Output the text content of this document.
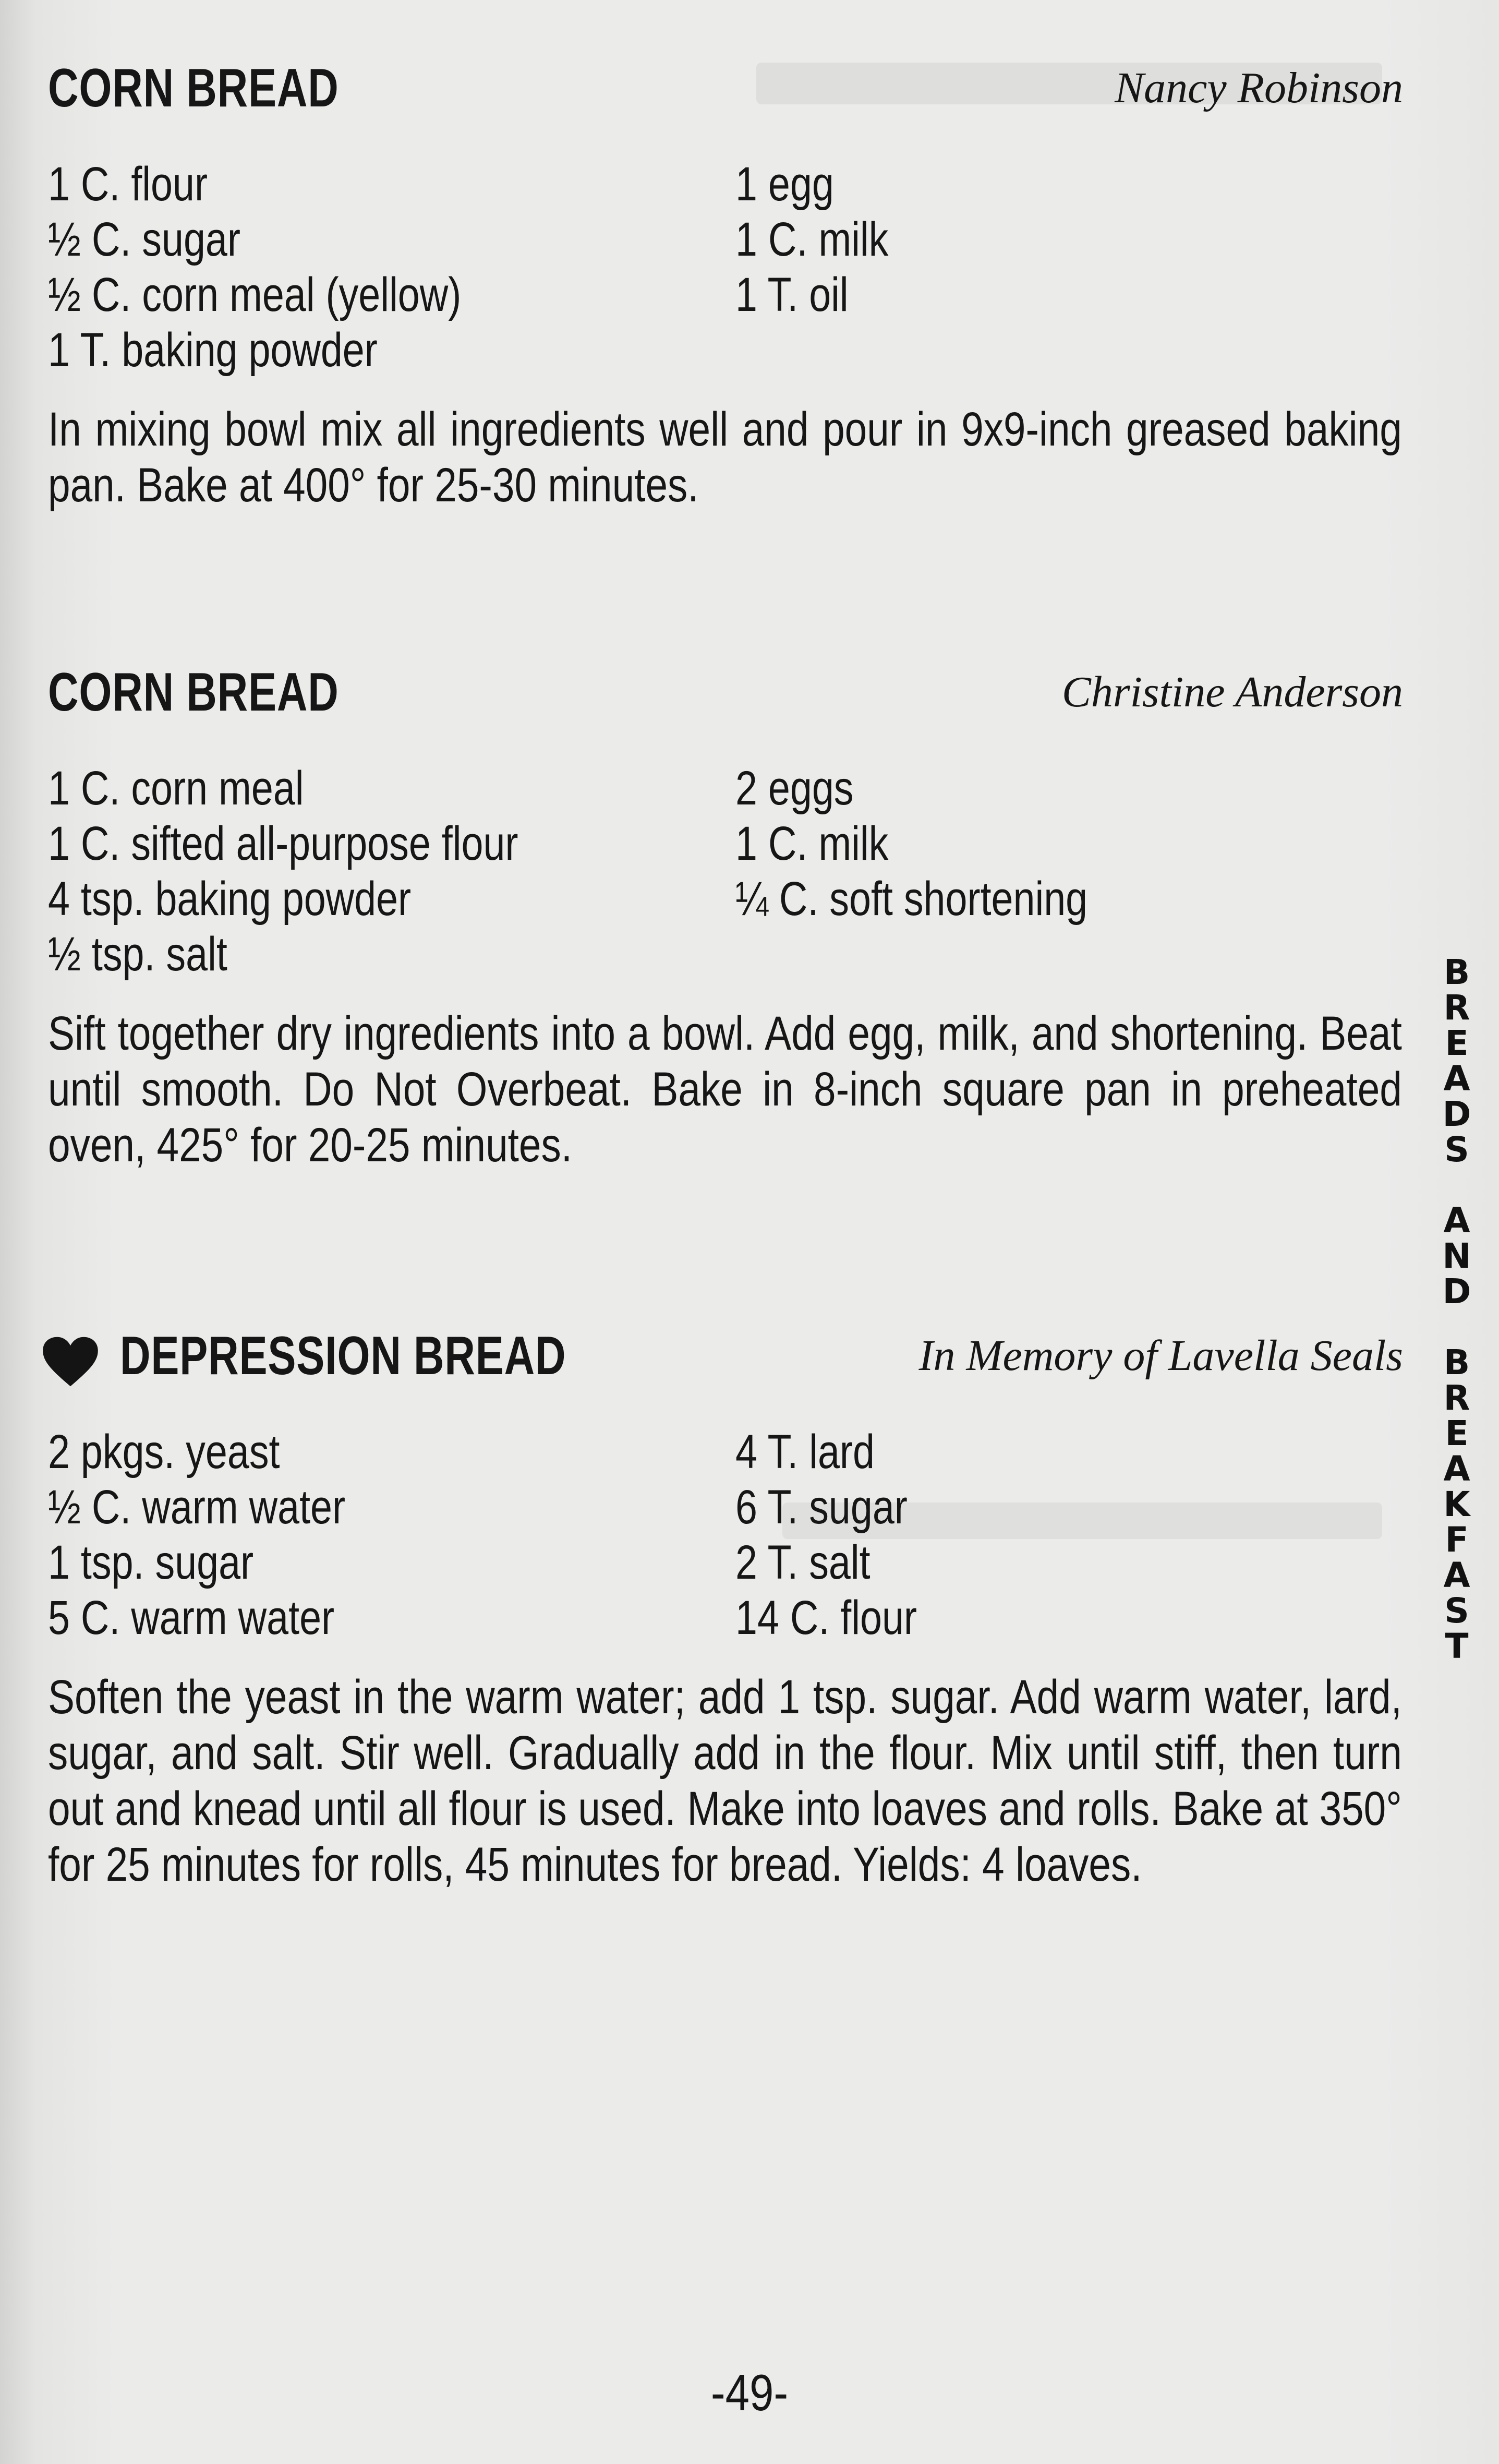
CORN BREAD	Nancy Robinson
1 C. flour
½ C. sugar
½ C. corn meal (yellow)
1 T. baking powder
1 egg
1 C. milk
1 T. oil

In mixing bowl mix all ingredients well and pour in 9x9-inch greased baking pan. Bake at 400° for 25-30 minutes.

CORN BREAD	Christine Anderson
1 C. corn meal
1 C. sifted all-purpose flour
4 tsp. baking powder
½ tsp. salt
2 eggs
1 C. milk
¼ C. soft shortening

Sift together dry ingredients into a bowl. Add egg, milk, and shortening. Beat until smooth. Do Not Overbeat. Bake in 8-inch square pan in preheated oven, 425° for 20-25 minutes.

DEPRESSION BREAD	In Memory of Lavella Seals
2 pkgs. yeast
½ C. warm water
1 tsp. sugar
5 C. warm water
4 T. lard
6 T. sugar
2 T. salt
14 C. flour

Soften the yeast in the warm water; add 1 tsp. sugar. Add warm water, lard, sugar, and salt. Stir well. Gradually add in the flour. Mix until stiff, then turn out and knead until all flour is used. Make into loaves and rolls. Bake at 350° for 25 minutes for rolls, 45 minutes for bread. Yields: 4 loaves.

B
R
E
A
D
S
A
N
D
B
R
E
A
K
F
A
S
T
-49-
